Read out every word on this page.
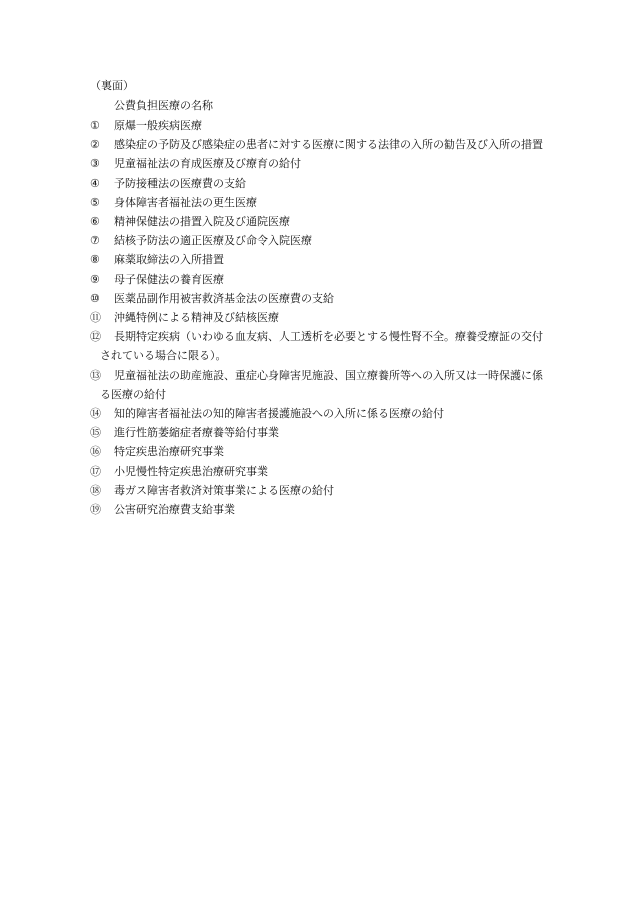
（裏面）
公費負担医療の名称
①	原爆一般疾病医療
② 感染症の予防及び感染症の患者に対する医療に関する法律の入所の勧告及び入所の措置
③	児童福祉法の育成医療及び療育の給付
④	予防接種法の医療費の支給
⑤	身体障害者福祉法の更生医療
⑥	精神保健法の措置入院及び通院医療
⑦	結核予防法の適正医療及び命令入院医療
⑧	麻薬取締法の入所措置
⑨	母子保健法の養育医療
⑩	医薬品副作用被害救済基金法の医療費の支給
⑪	沖縄特例による精神及び結核医療
⑫ 長期特定疾病（いわゆる血友病、人工透析を必要とする慢性腎不全。療養受療証の交付されている場合に限る）。
⑬ 児童福祉法の助産施設、重症心身障害児施設、国立療養所等への入所又は一時保護に係る医療の給付
⑭	知的障害者福祉法の知的障害者援護施設への入所に係る医療の給付
⑮	進行性筋萎縮症者療養等給付事業
⑯	特定疾患治療研究事業
⑰	小児慢性特定疾患治療研究事業
⑱	毒ガス障害者救済対策事業による医療の給付
⑲	公害研究治療費支給事業
